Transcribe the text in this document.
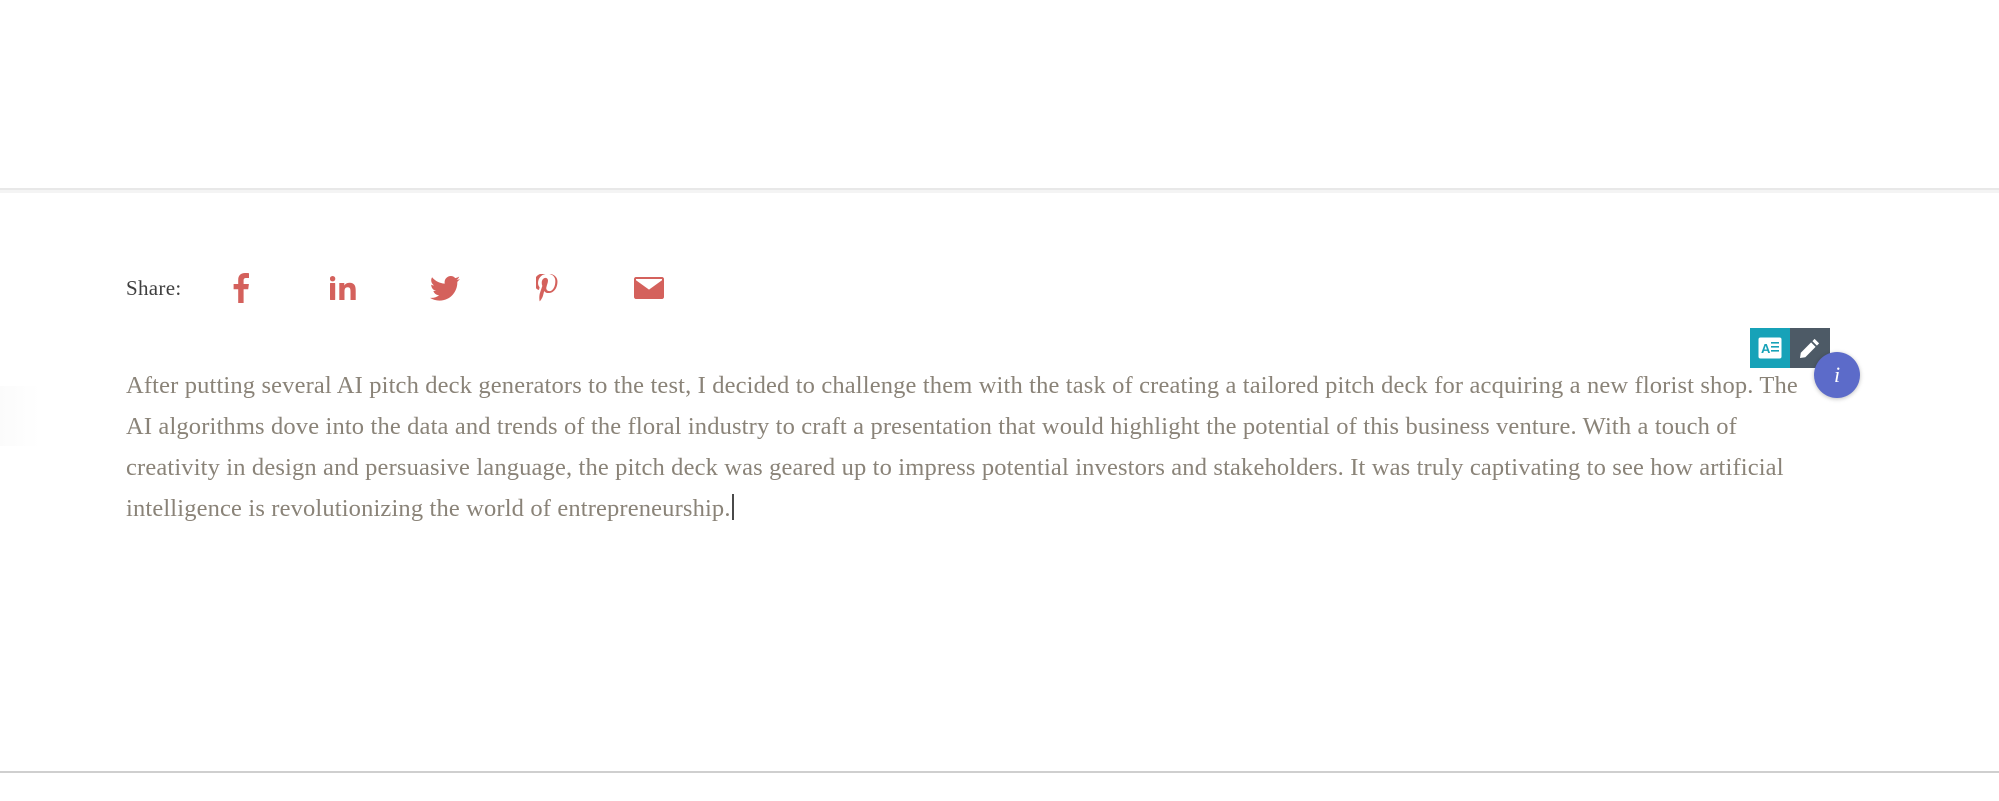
Share:
After putting several AI pitch deck generators to the test, I decided to challenge them with the task of creating a tailored pitch deck for acquiring a new florist shop. The AI algorithms dove into the data and trends of the floral industry to craft a presentation that would highlight the potential of this business venture. With a touch of creativity in design and persuasive language, the pitch deck was geared up to impress potential investors and stakeholders. It was truly captivating to see how artificial intelligence is revolutionizing the world of entrepreneurship.
A
i
